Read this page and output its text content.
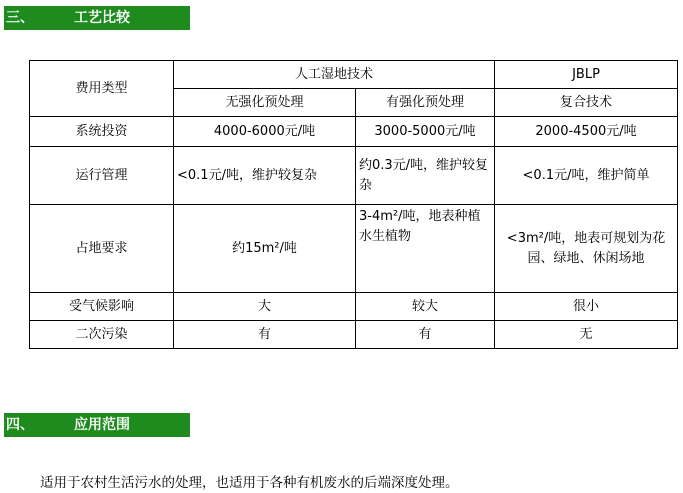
三、	工艺比较
费用类型	人工湿地技术		JBLP
	无强化预处理	有强化预处理	复合技术
系统投资	4000-6000元/吨	3000-5000元/吨	2000-4500元/吨
运行管理	<0.1元/吨，维护较复杂	约0.3元/吨，维护较复杂	<0.1元/吨，维护简单
占地要求	约15m²/吨	3-4m²/吨，地表种植水生植物	<3m²/吨，地表可规划为花园、绿地、休闲场地
受气候影响	大	较大	很小
二次污染	有	有	无
四、	应用范围
适用于农村生活污水的处理，也适用于各种有机废水的后端深度处理。
